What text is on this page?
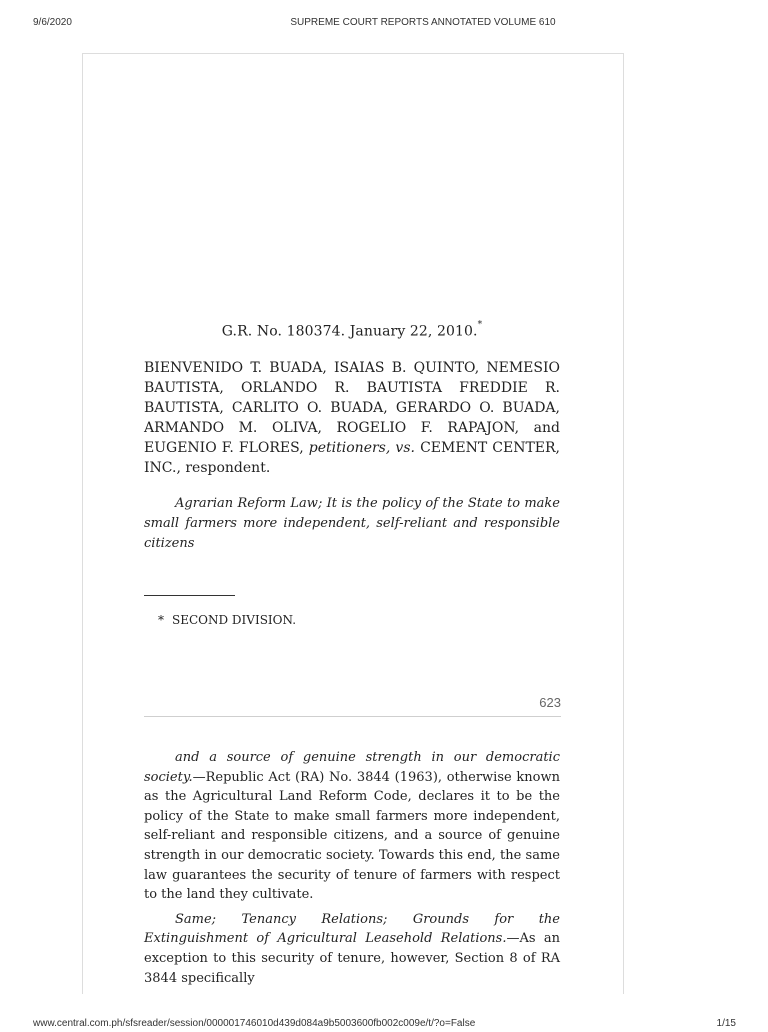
9/6/2020	SUPREME COURT REPORTS ANNOTATED VOLUME 610
G.R. No. 180374. January 22, 2010.*
BIENVENIDO T. BUADA, ISAIAS B. QUINTO, NEMESIO BAUTISTA, ORLANDO R. BAUTISTA FREDDIE R. BAUTISTA, CARLITO O. BUADA, GERARDO O. BUADA, ARMANDO M. OLIVA, ROGELIO F. RAPAJON, and EUGENIO F. FLORES, petitioners, vs. CEMENT CENTER, INC., respondent.
Agrarian Reform Law; It is the policy of the State to make small farmers more independent, self-reliant and responsible citizens
* SECOND DIVISION.
623

and a source of genuine strength in our democratic society.—Republic Act (RA) No. 3844 (1963), otherwise known as the Agricultural Land Reform Code, declares it to be the policy of the State to make small farmers more independent, self-reliant and responsible citizens, and a source of genuine strength in our democratic society. Towards this end, the same law guarantees the security of tenure of farmers with respect to the land they cultivate.

Same; Tenancy Relations; Grounds for the Extinguishment of Agricultural Leasehold Relations.—As an exception to this security of tenure, however, Section 8 of RA 3844 specifically

www.central.com.ph/sfsreader/session/000001746010d439d084a9b5003600fb002c009e/t/?o=False	1/15
